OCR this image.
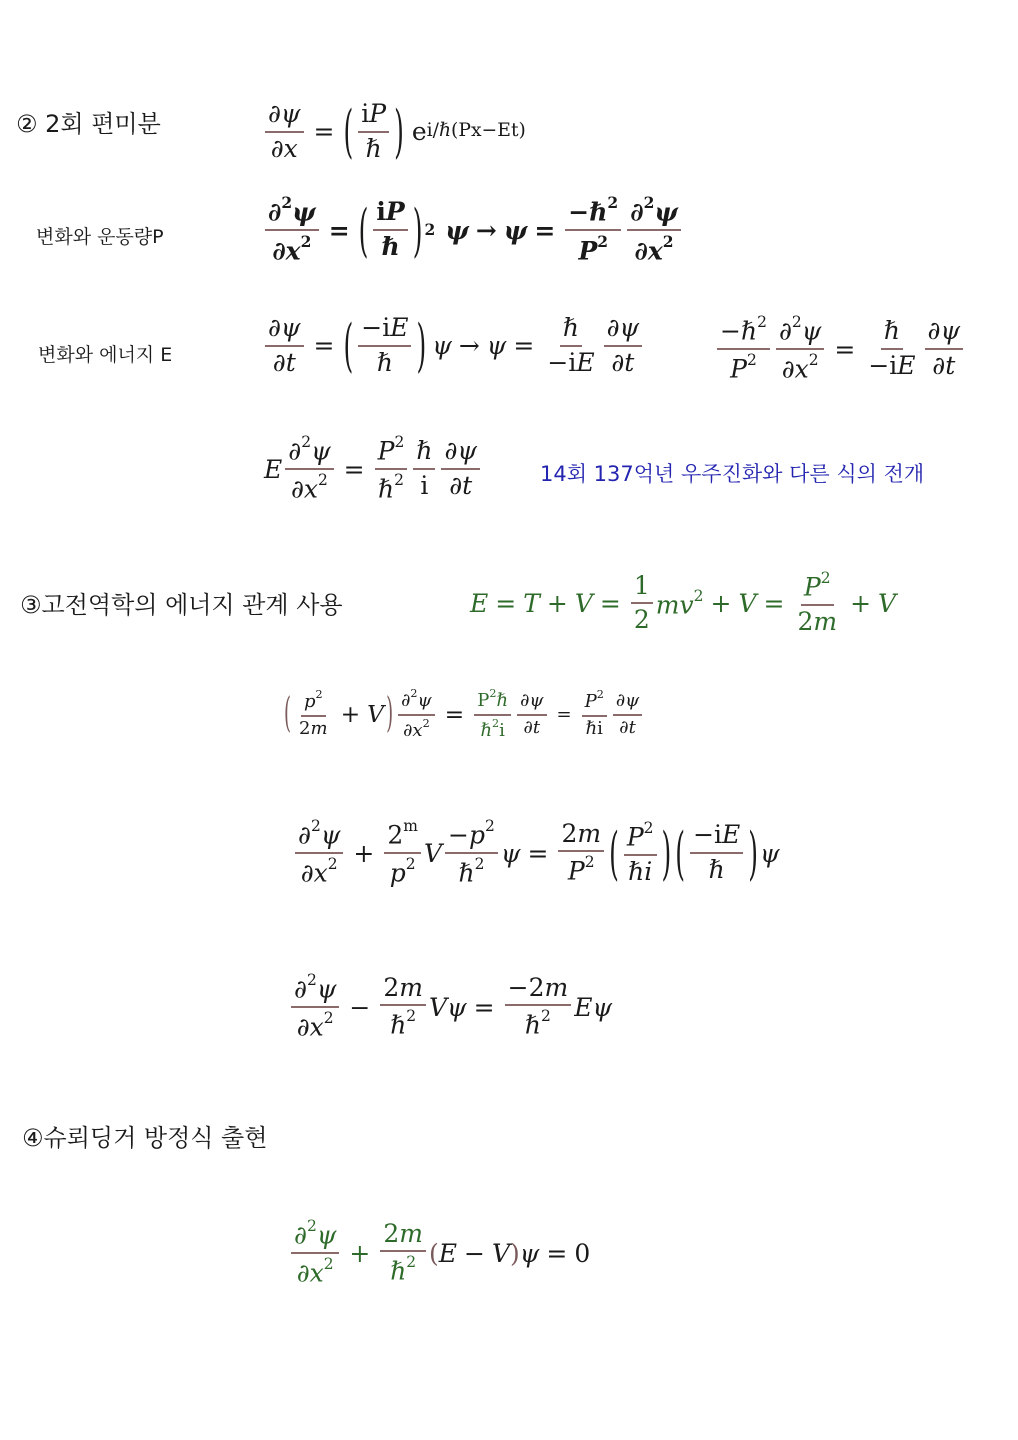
② 2회 편미분
변화와 운동량P
변화와 에너지 E
14회 137억년 우주진화와 다른 식의 전개
③고전역학의 에너지 관계 사용
④슈뢰딩거 방정식 출현
$\frac{\partial\psi}{\partial x}$ = ( $\frac{iP}{\text{ℏ}}$ ) e i/ℏ(Px−Et)
$\frac{\partial^2\psi}{\partial x^2}$ = ( $\frac{iP}{\text{ℏ}}$ ) 2 $\psi \to \psi = \frac{-\hbar^2}{P^2} \frac{\partial^2\psi}{\partial x^2}$
$\frac{\partial\psi}{\partial t}$ = ( $\frac{-iE}{\text{ℏ}}$ ) $\psi \to \psi = \frac{\text{ℏ}}{-iE} \frac{\partial\psi}{\partial t}$	$\frac{-\hbar^2}{P^2} \frac{\partial^2\psi}{\partial x^2} = \frac{\text{ℏ}}{-iE} \frac{\partial\psi}{\partial t}$
E $\frac{\partial^2\psi}{\partial x^2} = \frac{P^2}{\hbar^2} \frac{\text{ℏ}}{i} \frac{\partial\psi}{\partial t}$
$E = T + V = \frac{1}{2} mv^2 + V = \frac{P^2}{2m} + V$
( $\frac{p^2}{2m} + V$ ) $\frac{\partial^2\psi}{\partial x^2} = \frac{P^2\hbar}{\hbar^2i} \frac{\partial\psi}{\partial t} = \frac{P^2}{\text{ℏi}} \frac{\partial\psi}{\partial t}$
$\frac{\partial^2\psi}{\partial x^2} + \frac{2^m}{p^2}$ V $\frac{-p^2}{\hbar^2}$ $\psi = \frac{2m}{P^2}$ ( $\frac{P^2}{\text{ℏi}}$ ) ( $\frac{-iE}{\text{ℏ}}$ ) ψ
$\frac{\partial^2\psi}{\partial x^2} - \frac{2m}{\hbar^2}$ $V\psi = \frac{-2m}{\hbar^2}$ Eψ
$\frac{\partial^2\psi}{\partial x^2} + \frac{2m}{\hbar^2}$ ( E − V ) ψ = 0
